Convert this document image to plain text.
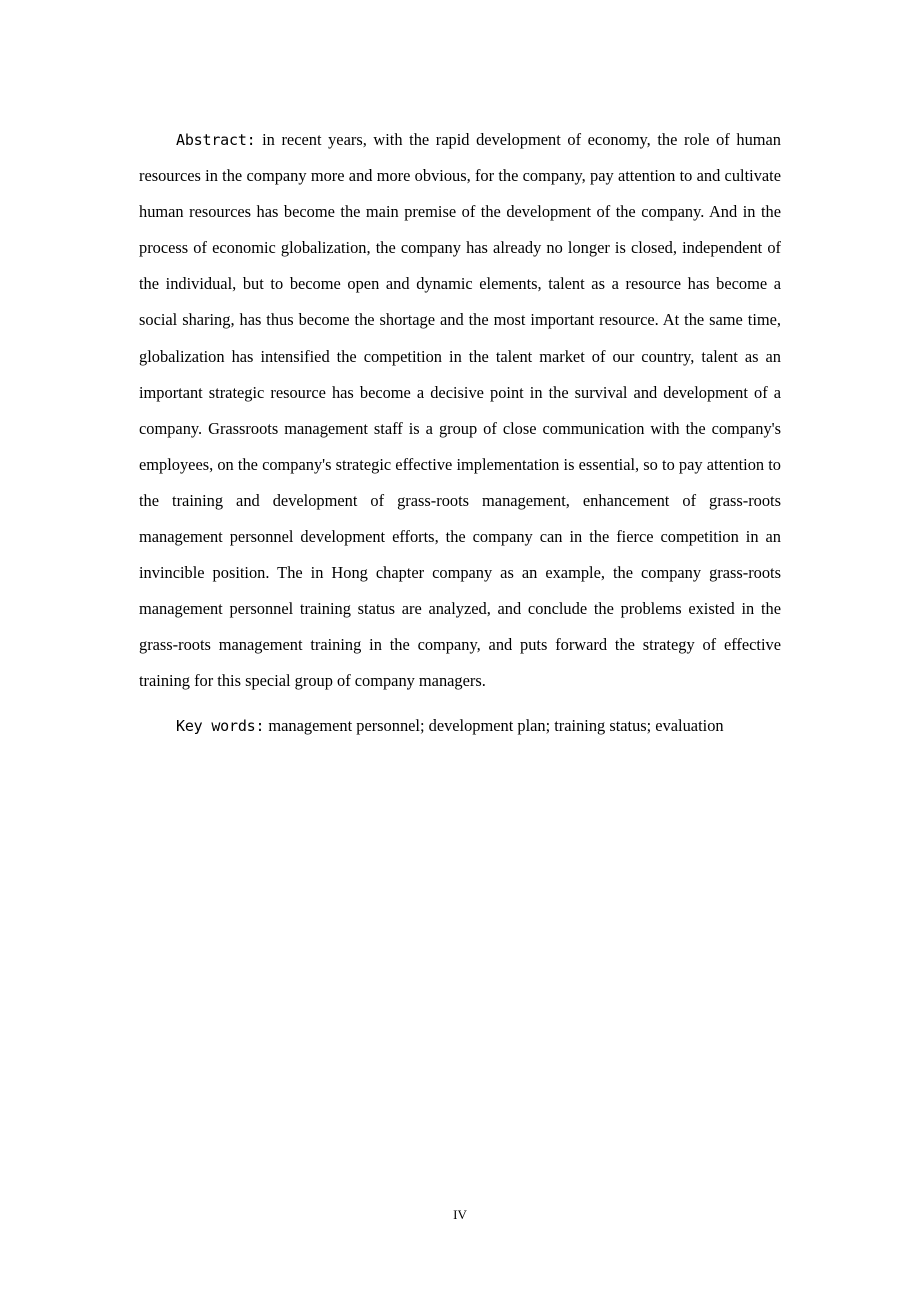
Abstract: in recent years, with the rapid development of economy, the role of human resources in the company more and more obvious, for the company, pay attention to and cultivate human resources has become the main premise of the development of the company. And in the process of economic globalization, the company has already no longer is closed, independent of the individual, but to become open and dynamic elements, talent as a resource has become a social sharing, has thus become the shortage and the most important resource. At the same time, globalization has intensified the competition in the talent market of our country, talent as an important strategic resource has become a decisive point in the survival and development of a company. Grassroots management staff is a group of close communication with the company's employees, on the company's strategic effective implementation is essential, so to pay attention to the training and development of grass-roots management, enhancement of grass-roots management personnel development efforts, the company can in the fierce competition in an invincible position. The in Hong chapter company as an example, the company grass-roots management personnel training status are analyzed, and conclude the problems existed in the grass-roots management training in the company, and puts forward the strategy of effective training for this special group of company managers.

Key words: management personnel; development plan; training status; evaluation

IV
